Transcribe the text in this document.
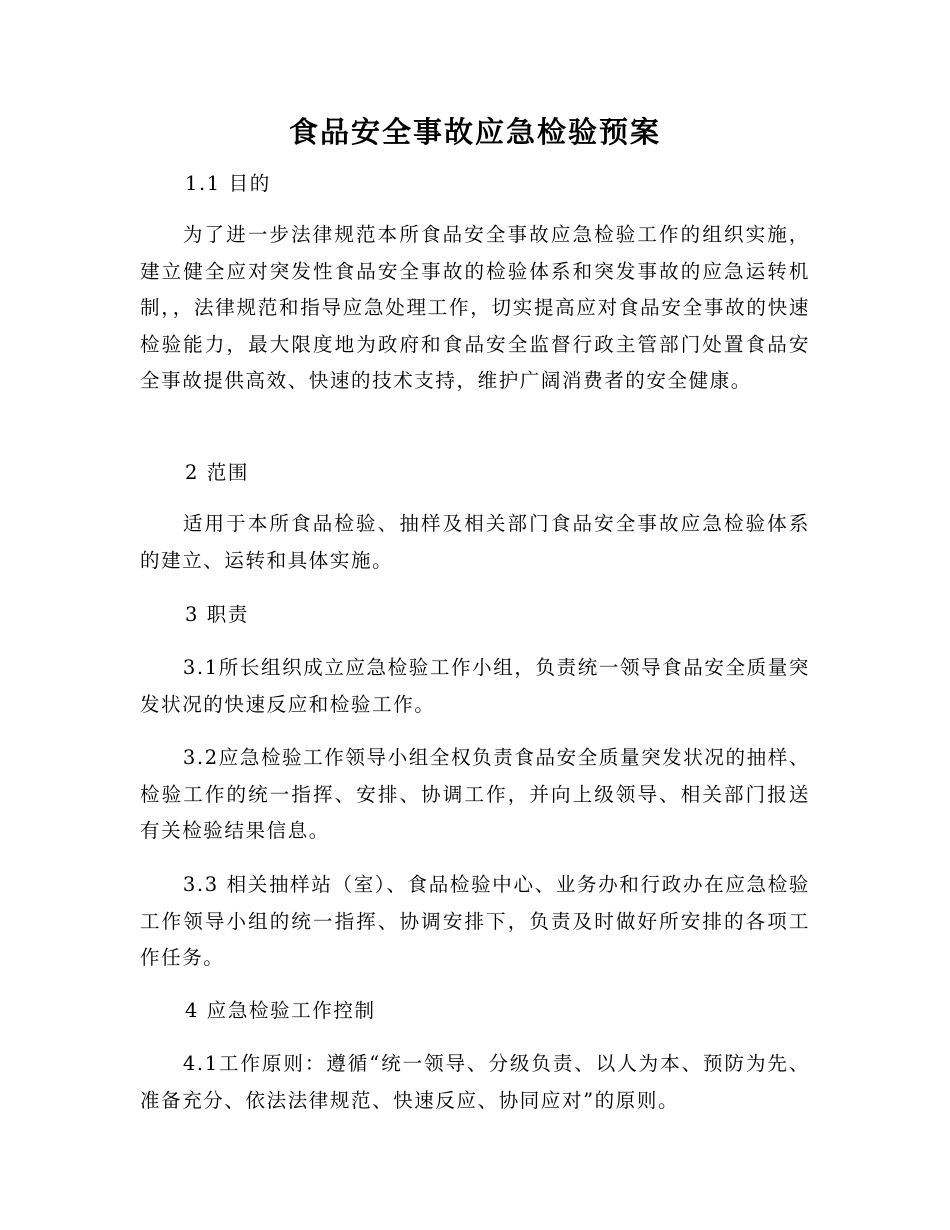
食品安全事故应急检验预案
1.1 目的

为了进一步法律规范本所食品安全事故应急检验工作的组织实施，建立健全应对突发性食品安全事故的检验体系和突发事故的应急运转机制，，法律规范和指导应急处理工作，切实提高应对食品安全事故的快速检验能力，最大限度地为政府和食品安全监督行政主管部门处置食品安全事故提供高效、快速的技术支持，维护广阔消费者的安全健康。

2 范围

适用于本所食品检验、抽样及相关部门食品安全事故应急检验体系的建立、运转和具体实施。

3 职责

3.1所长组织成立应急检验工作小组，负责统一领导食品安全质量突发状况的快速反应和检验工作。

3.2应急检验工作领导小组全权负责食品安全质量突发状况的抽样、检验工作的统一指挥、安排、协调工作，并向上级领导、相关部门报送有关检验结果信息。

3.3 相关抽样站（室）、食品检验中心、业务办和行政办在应急检验工作领导小组的统一指挥、协调安排下，负责及时做好所安排的各项工作任务。

4 应急检验工作控制

4.1工作原则：遵循“统一领导、分级负责、以人为本、预防为先、准备充分、依法法律规范、快速反应、协同应对”的原则。
